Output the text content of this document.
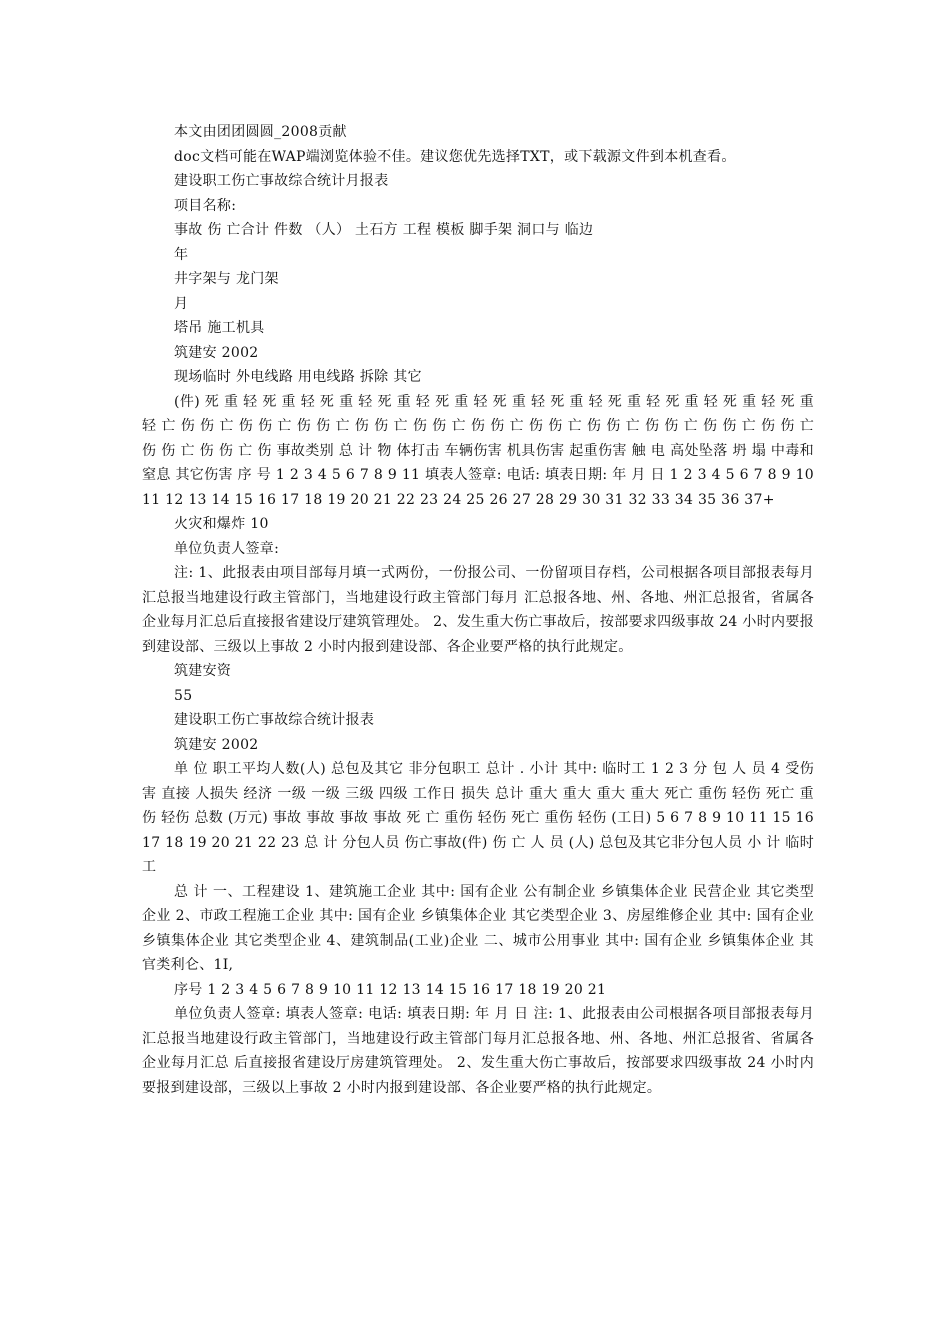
本文由团团圆圆_2008贡献

doc文档可能在WAP端浏览体验不佳。建议您优先选择TXT，或下载源文件到本机查看。

建设职工伤亡事故综合统计月报表

项目名称:

事故 伤 亡合计 件数 （人） 土石方 工程 模板 脚手架 洞口与 临边

年

井字架与 龙门架

月

塔吊 施工机具

筑建安 2002

现场临时 外电线路 用电线路 拆除 其它

(件) 死 重 轻 死 重 轻 死 重 轻 死 重 轻 死 重 轻 死 重 轻 死 重 轻 死 重 轻 死 重 轻 死 重 轻 死 重 轻 亡 伤 伤 亡 伤 伤 亡 伤 伤 亡 伤 伤 亡 伤 伤 亡 伤 伤 亡 伤 伤 亡 伤 伤 亡 伤 伤 亡 伤 伤 亡 伤 伤 亡 伤 伤 亡 伤 伤 亡 伤 事故类别 总 计 物 体打击 车辆伤害 机具伤害 起重伤害 触 电 高处坠落 坍 塌 中毒和窒息 其它伤害 序 号 1 2 3 4 5 6 7 8 9 11 填表人签章: 电话: 填表日期: 年 月 日 1 2 3 4 5 6 7 8 9 10 11 12 13 14 15 16 17 18 19 20 21 22 23 24 25 26 27 28 29 30 31 32 33 34 35 36 37+

火灾和爆炸 10

单位负责人签章:

注: 1、此报表由项目部每月填一式两份，一份报公司、一份留项目存档，公司根据各项目部报表每月汇总报当地建设行政主管部门，当地建设行政主管部门每月 汇总报各地、州、各地、州汇总报省，省属各企业每月汇总后直接报省建设厅建筑管理处。 2、发生重大伤亡事故后，按部要求四级事故 24 小时内要报到建设部、三级以上事故 2 小时内报到建设部、各企业要严格的执行此规定。

筑建安资

55

建设职工伤亡事故综合统计报表

筑建安 2002

单 位 职工平均人数(人) 总包及其它 非分包职工 总计 . 小计 其中: 临时工 1 2 3 分 包 人 员 4 受伤害 直接 人损失 经济 一级 一级 三级 四级 工作日 损失 总计 重大 重大 重大 重大 死亡 重伤 轻伤 死亡 重伤 轻伤 总数 (万元) 事故 事故 事故 事故 死 亡 重伤 轻伤 死亡 重伤 轻伤 (工日) 5 6 7 8 9 10 11 15 16 17 18 19 20 21 22 23 总 计 分包人员 伤亡事故(件) 伤 亡 人 员 (人) 总包及其它非分包人员 小 计 临时工

总 计 一、工程建设 1、建筑施工企业 其中: 国有企业 公有制企业 乡镇集体企业 民营企业 其它类型企业 2、市政工程施工企业 其中: 国有企业 乡镇集体企业 其它类型企业 3、房屋维修企业 其中: 国有企业 乡镇集体企业 其它类型企业 4、建筑制品(工业)企业 二、城市公用事业 其中: 国有企业 乡镇集体企业 其官类利仑、1I,

序号 1 2 3 4 5 6 7 8 9 10 11 12 13 14 15 16 17 18 19 20 21

单位负责人签章: 填表人签章: 电话: 填表日期: 年 月 日 注: 1、此报表由公司根据各项目部报表每月汇总报当地建设行政主管部门，当地建设行政主管部门每月汇总报各地、州、各地、州汇总报省、省属各企业每月汇总 后直接报省建设厅房建筑管理处。 2、发生重大伤亡事故后，按部要求四级事故 24 小时内要报到建设部，三级以上事故 2 小时内报到建设部、各企业要严格的执行此规定。
